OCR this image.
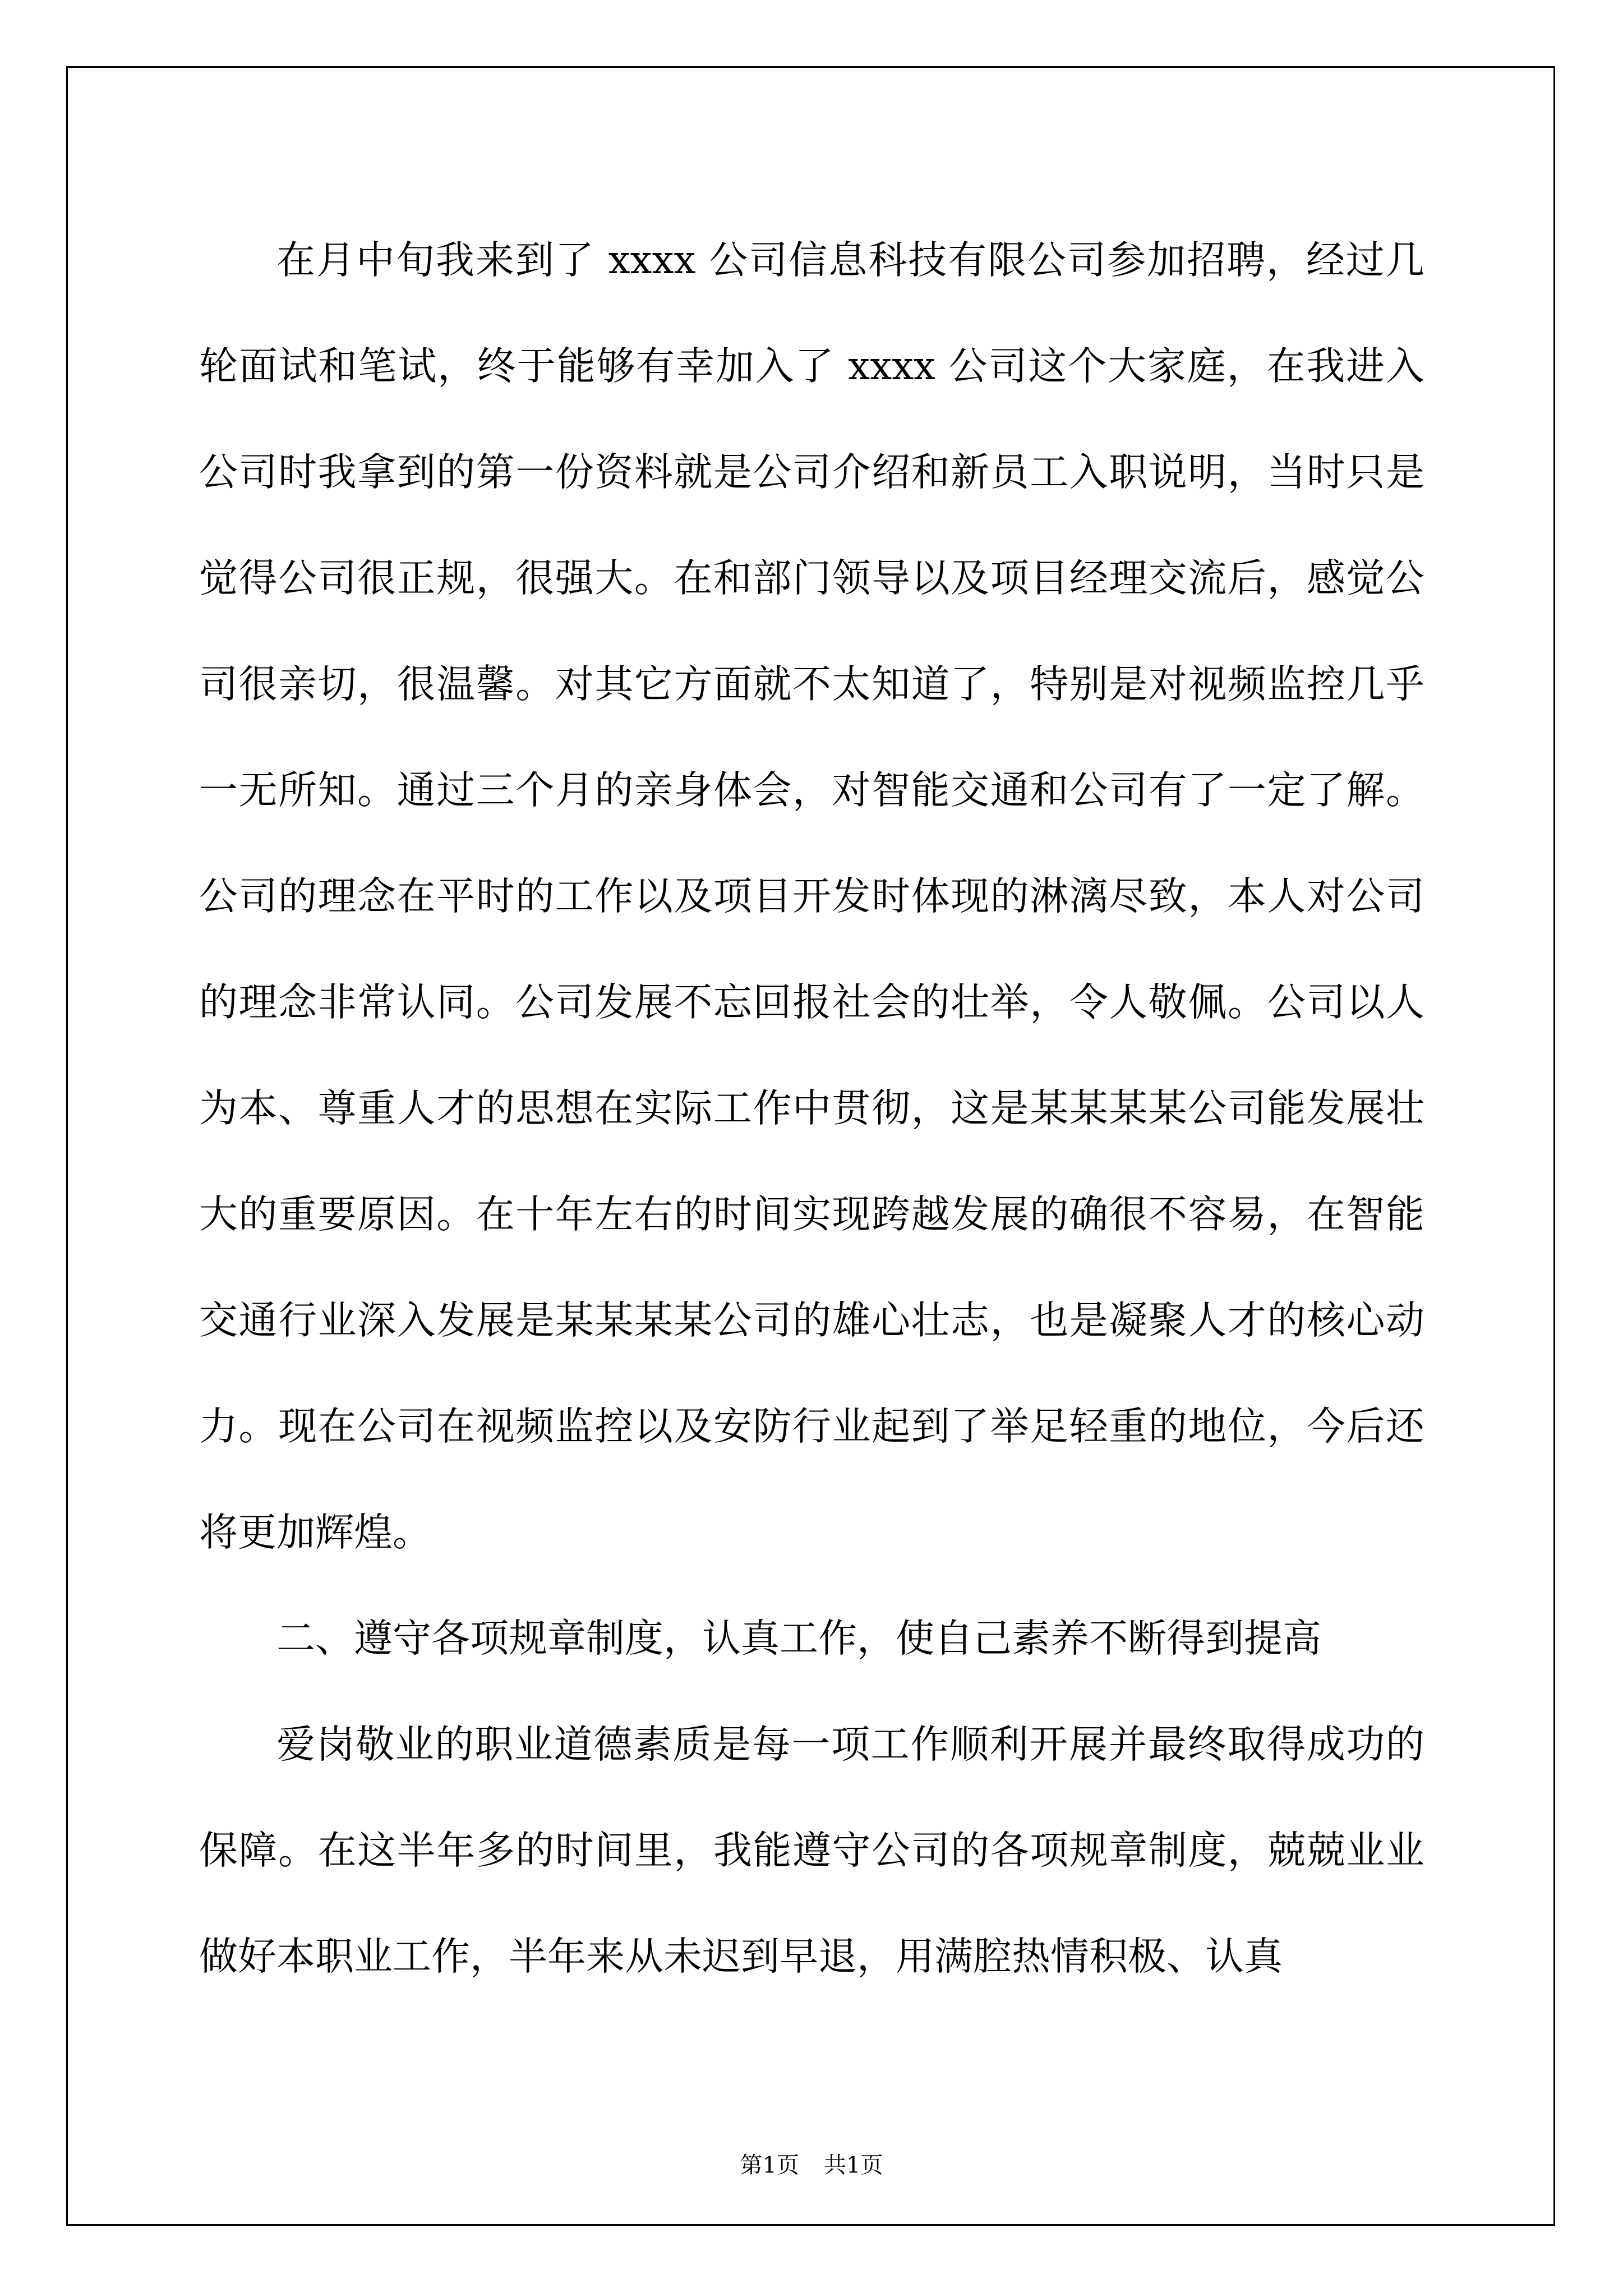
在月中旬我来到了 xxxx 公司信息科技有限公司参加招聘，经过几轮面试和笔试，终于能够有幸加入了 xxxx 公司这个大家庭，在我进入公司时我拿到的第一份资料就是公司介绍和新员工入职说明，当时只是觉得公司很正规，很强大。在和部门领导以及项目经理交流后，感觉公司很亲切，很温馨。对其它方面就不太知道了，特别是对视频监控几乎一无所知。通过三个月的亲身体会，对智能交通和公司有了一定了解。公司的理念在平时的工作以及项目开发时体现的淋漓尽致，本人对公司的理念非常认同。公司发展不忘回报社会的壮举，令人敬佩。公司以人为本、尊重人才的思想在实际工作中贯彻，这是某某某某公司能发展壮大的重要原因。在十年左右的时间实现跨越发展的确很不容易，在智能交通行业深入发展是某某某某公司的雄心壮志，也是凝聚人才的核心动力。现在公司在视频监控以及安防行业起到了举足轻重的地位，今后还将更加辉煌。

二、遵守各项规章制度，认真工作，使自己素养不断得到提高

爱岗敬业的职业道德素质是每一项工作顺利开展并最终取得成功的保障。在这半年多的时间里，我能遵守公司的各项规章制度，兢兢业业做好本职业工作，半年来从未迟到早退，用满腔热情积极、认真

第1页 共1页
